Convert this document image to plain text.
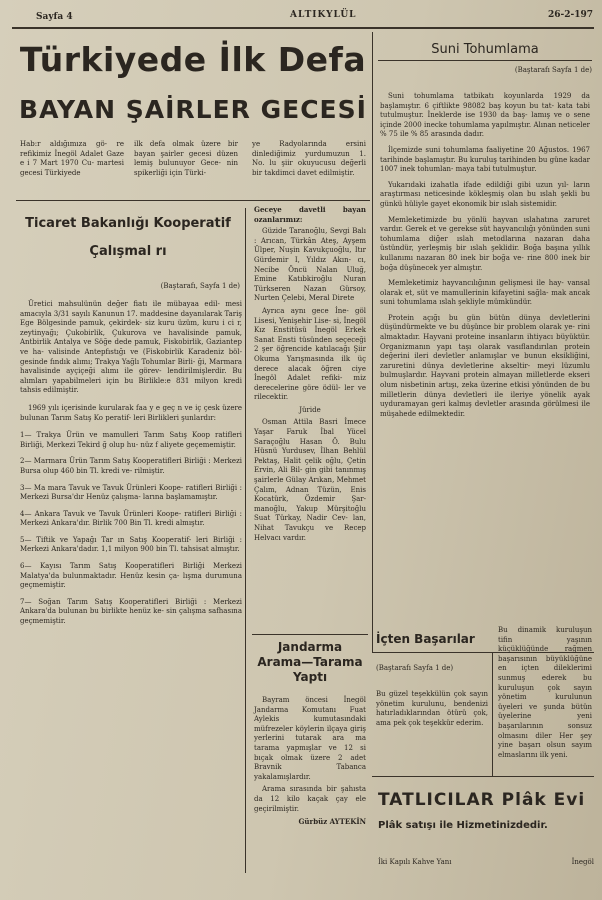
Sayfa 4	ALTIKYLÜL	26-2-197
Türkiyede İlk Defa
BAYAN ŞAİRLER GECESİ
Hab:r aldığımıza gö- re refikimiz İnegöl Adalet Gaze e i 7 Mart 1970 Cu- martesi gecesi Türkiyede
ilk defa olmak üzere bir bayan şairler gecesi düzen lemiş bulunuyor Gece- nin spikerliği için Türki-
ye Radyolarında ersini dinlediğimiz yurdumuzun 1. No. lu şiir okuyucusu değerli bir takdimci davet edilmiştir.
Ticaret Bakanlığı Kooperatif
Çalışmal rı
(Baştarafı, Sayfa 1 de)

Üretici mahsulünün değer fiatı ile mübayaa edil- mesi amacıyla 3/31 sayılı Kanunun 17. maddesine dayanılarak Tariş Ege Bölgesinde pamuk, çekirdek- siz kuru üzüm, kuru i ci r, zeytinyağı; Çukobirlik, Çukurova ve havalisinde pamuk, Antbirlik Antalya ve Söğe dede pamuk, Fiskobirlik, Gaziantep ve ha- valisinde Antepfıstığı ve (Fiskobirlik Karadeniz böl- gesinde fındık alımı; Trakya Yağlı Tohumlar Birli- ği, Marmara havalisinde ayçiçeği alımı ile görev- lendirilmişlerdir. Bu alımları yapabilmeleri için bu Birlikle:e 831 milyon kredi tahsis edilmiştir.

1969 yılı içerisinde kurularak faa y e geç n ve iç çesk üzere bulunan Tarım Satış Ko peratif- leri Birlikleri şunlardır:

1— Trakya Ürün ve mamulleri Tarım Satış Koop ratifleri Birliği, Merkezi Tekird ğ olup hu- nüz f aliyete geçememiştir.

2— Marmara Ürün Tarım Satış Kooperatifleri Birliği : Merkezi Bursa olup 460 bin Tl. kredi ve- rilmiştir.

3— Ma mara Tavuk ve Tavuk Ürünleri Koope- ratifleri Birliği : Merkezi Bursa'dır Henüz çalışma- larına başlamamıştır.

4— Ankara Tavuk ve Tavuk Ürünleri Koope- ratifleri Birliği : Merkezi Ankara'dır. Birlik 700 Bin Tl. kredi almıştır.

5— Tiftik ve Yapağı Tar ın Satış Kooperatif- leri Birliği : Merkezi Ankara'dadır. 1,1 milyon 900 bin Tl. tahsisat almıştır.

6— Kayısı Tarım Satış Kooperatifleri Birliği Merkezi Malatya'da bulunmaktadır. Henüz kesin ça- lışma durumuna geçmemiştir.

7— Soğan Tarım Satış Kooperatifleri Birliği : Merkezi Ankara'da bulunan bu birlikte henüz ke- sin çalışma safhasına geçmemiştir.

Geceye davetli bayan ozanlarımız:

Güzide Taranoğlu, Sevgi Balı : Arıcan, Türkân Ateş, Ayşem Ülper, Nuşin Kavukçuoğlu, Itır Gürdemir I, Yıldız Akın- cı, Necibe Öncü Nalan Uluğ, Emine Katıbkiroğlu Nuran Türkseren Nazan Gürsoy, Nurten Çelebi, Meral Direte

Ayrıca aynı gece İne- göl Lisesi, Yenişehir Lise- si, İnegöl Kız Enstitüsü İnegöl Erkek Sanat Ensti tüsünden seçeceği 2 şer öğrencide katılacağı Şiir Okuma Yarışmasında ilk üç derece alacak öğren ciye İnegöl Adalet refiki- miz derecelerine göre ödül- ler ve rilecektir.

Jüride

Osman Attila Basri İmece Yaşar Faruk İbal Yücel Saraçoğlu Hasan Ö. Bulu Hüsnü Yurdusev, İlhan Behlül Pektaş, Halit çelik oğlu, Çetin Ervin, Ali Bil- gin gibi tanınmış şairlerle Gülay Arıkan, Mehmet Çalım, Adnan Tüzün, Enis Kocatürk, Özdemir Şar- manoğlu, Yakup Mürşitoğlu Suat Türkay, Nadir Cev- lan, Nihat Tavukçu ve Recep Helvacı vardır.

Jandarma
Arama—Tarama
Yaptı

Bayram öncesi İnegöl Jandarma Komutanı Fuat Aylekis kumutasındaki müfrezeler köylerin ilçaya giriş yerlerini tutarak ara ma tarama yapmışlar ve 12 si bıçak olmak üzere 2 adet Bravnik Tabanca yakalamışlardır.

Arama sırasında bir şahısta da 12 kilo kaçak çay ele geçirilmiştir.

Gürbüz AYTEKİN

Suni Tohumlama
(Baştarafı Sayfa 1 de)

Suni tohumlama tatbikatı koyunlarda 1929 da başlamıştır. 6 çiftlikte 98082 baş koyun bu tat- kata tabi tutulmuştur. İneklerde ise 1930 da baş- lamış ve o sene içinde 2000 inecke tohumlama yapılmıştır. Alınan neticeler % 75 ile % 85 arasında dadır.

İlçemizde suni tohumlama faaliyetine 20 Ağustos. 1967 tarihinde başlamıştır. Bu kuruluş tarihinden bu güne kadar 1007 inek tohumlan- maya tabi tutulmuştur.

Yukarıdaki izahatla ifade edildiği gibi uzun yıl- ların araştırması neticesinde kökleşmiş olan bu ıslah şekli bu günkü hüliyle gayet ekonomik bir ıslah sistemidir.

Memleketimizde bu yönlü hayvan ıslahatına zaruret vardır. Gerek et ve gerekse süt hayvancılığı yönünden suni tohumlama diğer ıslah metodlarına nazaran daha üstündür, yerleşmiş bir ıslah şeklidir. Boğa başına yıllık kullanımı nazaran 80 inek bir boğa ve- rine 800 inek bir boğa düşünecek yer almıştır.

Memleketimiz hayvancılığının gelişmesi ile hay- vansal olarak et, süt ve mamullerinin kifayetini sağla- mak ancak suni tohumlama ıslah şekliyle mümkündür.

Protein açığı bu gün bütün dünya devletlerini düşündürmekte ve bu düşünce bir problem olarak ye- rini almaktadır. Hayvani proteine insanların ihtiyacı büyüktür. Organizmanın yapı taşı olarak vasıflandırılan protein değerini ileri devletler anlamışlar ve bunun eksikliğini, zaruretini dünya devletlerine akseltir- meyi lüzumlu bulmuşlardır. Hayvani protein almayan milletlerde ekseri olum nisbetinin artışı, zeka üzerine etkisi yönünden de bu milletlerin dünya devletleri ile ileriye yönelik ayak uyduramayan geri kalmış devletler arasında görülmesi ile müşahede edilmektedir.

İçten Başarılar
(Baştarafı Sayfa 1 de)
Bu güzel teşekkülün çok sayın yönetim kurulunu, bendenizi hatırladıklarından ötürü çok, ama pek çok teşekkür ederim.
Bu dinamik kuruluşun tifin yaşının küçüklüğünde rağmen başarısının büyüklüğüne en içten dileklerimi sunmuş ederek bu kuruluşun çok sayın yönetim kurulunun üyeleri ve şunda bütün üyelerine yeni başarılarının sonsuz olmasını diler Her şey yine başarı olsun sayım elmaslarını ilk yeni.
TATLICILAR Plâk Evi
Plâk satışı ile Hizmetinizdedir.
İki Kapılı Kahve Yanı	İnegöl
